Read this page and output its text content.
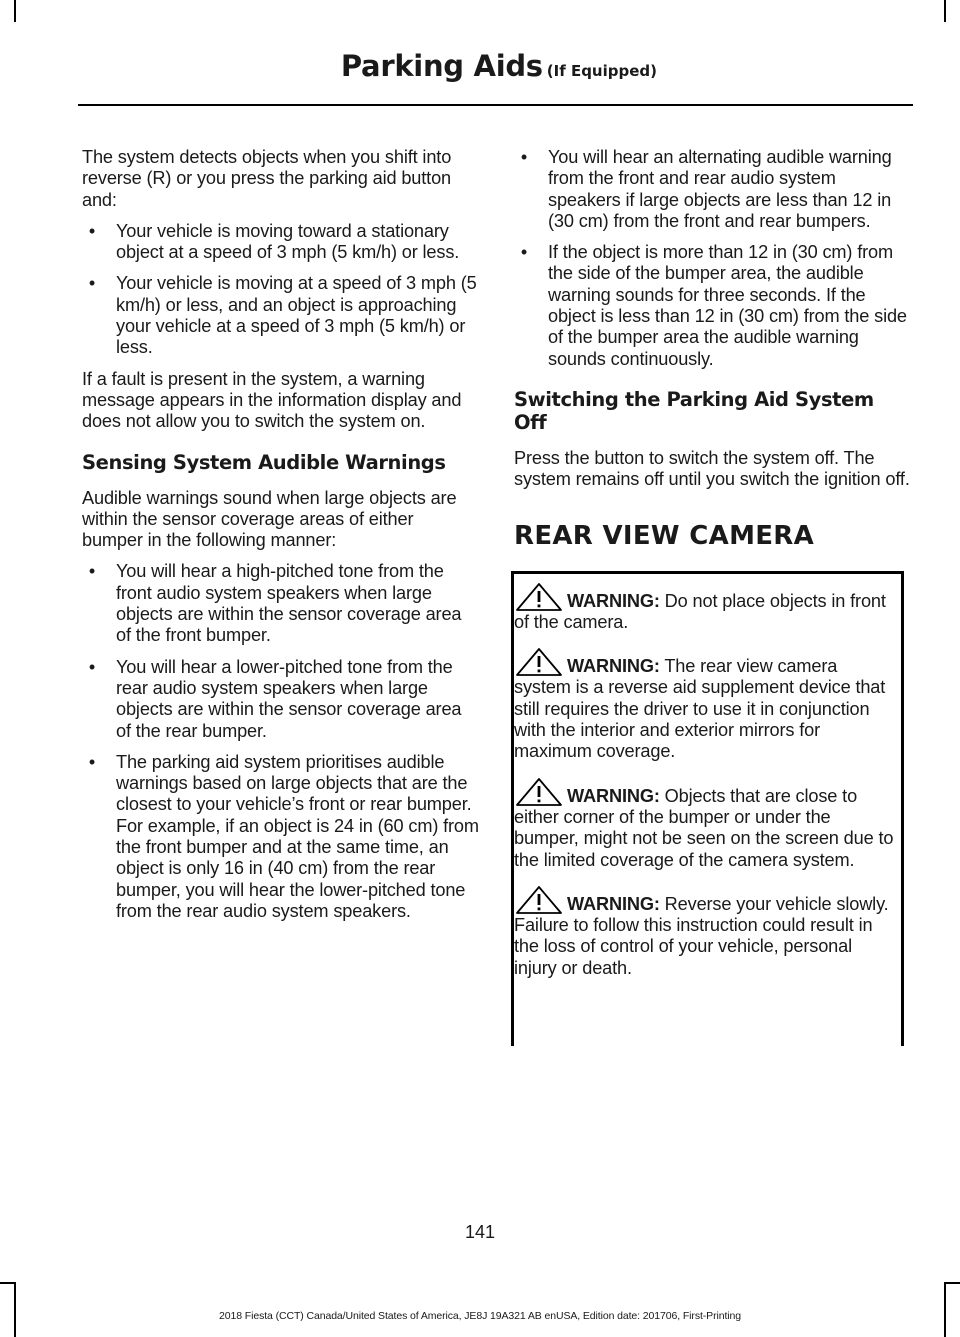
Parking Aids (If Equipped)

The system detects objects when you shift into reverse (R) or you press the parking aid button and:

•	Your vehicle is moving toward a stationary object at a speed of 3 mph (5 km/h) or less.
•	Your vehicle is moving at a speed of 3 mph (5 km/h) or less, and an object is approaching your vehicle at a speed of 3 mph (5 km/h) or less.

If a fault is present in the system, a warning message appears in the information display and does not allow you to switch the system on.

Sensing System Audible Warnings

Audible warnings sound when large objects are within the sensor coverage areas of either bumper in the following manner:

•	You will hear a high-pitched tone from the front audio system speakers when large objects are within the sensor coverage area of the front bumper.
•	You will hear a lower-pitched tone from the rear audio system speakers when large objects are within the sensor coverage area of the rear bumper.
•	The parking aid system prioritises audible warnings based on large objects that are the closest to your vehicle’s front or rear bumper. For example, if an object is 24 in (60 cm) from the front bumper and at the same time, an object is only 16 in (40 cm) from the rear bumper, you will hear the lower-pitched tone from the rear audio system speakers.
•	You will hear an alternating audible warning from the front and rear audio system speakers if large objects are less than 12 in (30 cm) from the front and rear bumpers.
•	If the object is more than 12 in (30 cm) from the side of the bumper area, the audible warning sounds for three seconds. If the object is less than 12 in (30 cm) from the side of the bumper area the audible warning sounds continuously.
Switching the Parking Aid System Off

Press the button to switch the system off. The system remains off until you switch the ignition off.

REAR VIEW CAMERA
WARNING: Do not place objects in front of the camera.
WARNING: The rear view camera system is a reverse aid supplement device that still requires the driver to use it in conjunction with the interior and exterior mirrors for maximum coverage.
WARNING: Objects that are close to either corner of the bumper or under the bumper, might not be seen on the screen due to the limited coverage of the camera system.
WARNING: Reverse your vehicle slowly. Failure to follow this instruction could result in the loss of control of your vehicle, personal injury or death.
141
2018 Fiesta (CCT) Canada/United States of America, JE8J 19A321 AB enUSA, Edition date: 201706, First-Printing
